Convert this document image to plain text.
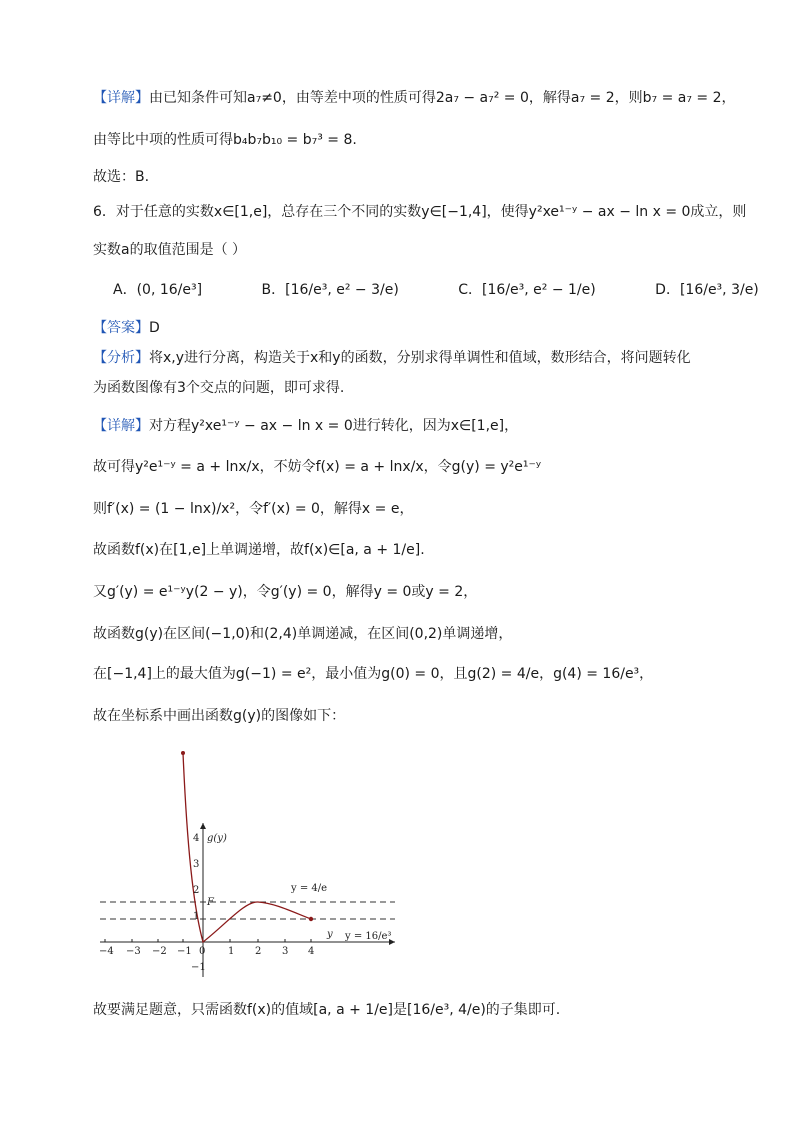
【详解】由已知条件可知a₇≠0，由等差中项的性质可得2a₇ − a₇² = 0，解得a₇ = 2，则b₇ = a₇ = 2，
由等比中项的性质可得b₄b₇b₁₀ = b₇³ = 8.
故选：B.
6．对于任意的实数x∈[1,e]，总存在三个不同的实数y∈[−1,4]，使得y²xe¹⁻ʸ − ax − ln x = 0成立，则
实数a的取值范围是（ ）
A．(0, 16/e³]	B．[16/e³, e² − 3/e)	C．[16/e³, e² − 1/e)	D．[16/e³, 3/e)
【答案】D
【分析】将x,y进行分离，构造关于x和y的函数，分别求得单调性和值域，数形结合，将问题转化
为函数图像有3个交点的问题，即可求得.
【详解】对方程y²xe¹⁻ʸ − ax − ln x = 0进行转化，因为x∈[1,e]，
故可得y²e¹⁻ʸ = a + lnx/x，不妨令f(x) = a + lnx/x，令g(y) = y²e¹⁻ʸ
则f′(x) = (1 − lnx)/x²，令f′(x) = 0，解得x = e，
故函数f(x)在[1,e]上单调递增，故f(x)∈[a, a + 1/e].
又g′(y) = e¹⁻ʸy(2 − y)，令g′(y) = 0，解得y = 0或y = 2，
故函数g(y)在区间(−1,0)和(2,4)单调递减，在区间(0,2)单调递增，
在[−1,4]上的最大值为g(−1) = e²，最小值为g(0) = 0，且g(2) = 4/e，g(4) = 16/e³，
故在坐标系中画出函数g(y)的图像如下：
−4 −3 −2 −1 0 1 2 3 4
y
4
3
2
1
−1
g(y)
F
y = 4/e
y = 16/e³
故要满足题意，只需函数f(x)的值域[a, a + 1/e]是[16/e³, 4/e)的子集即可.
